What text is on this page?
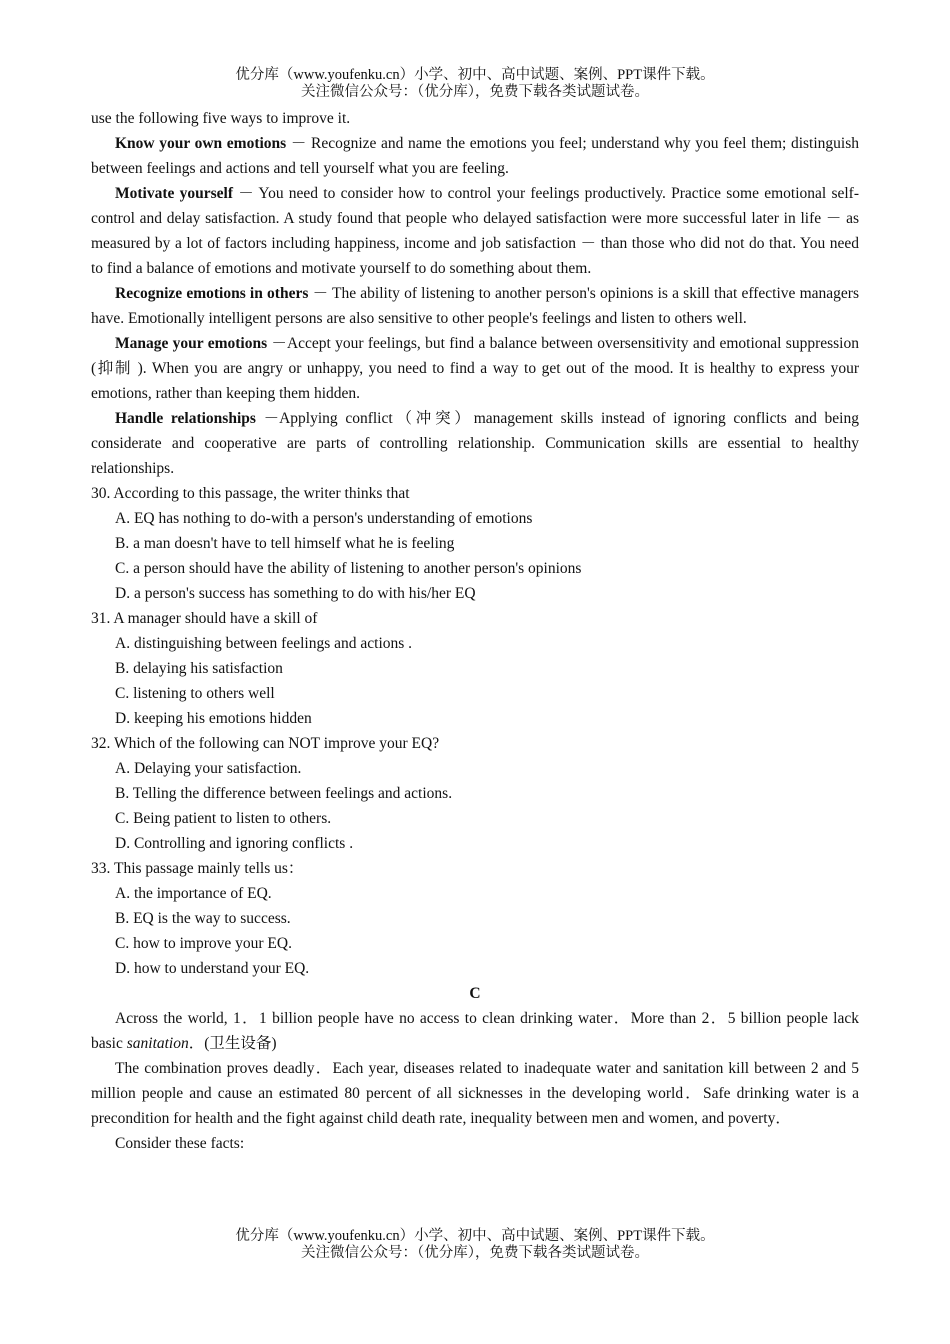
优分库（www.youfenku.cn）小学、初中、高中试题、案例、PPT课件下载。
关注微信公众号：（优分库），免费下载各类试题试卷。

use the following five ways to improve it.

Know your own emotions － Recognize and name the emotions you feel; understand why you feel them; distinguish between feelings and actions and tell yourself what you are feeling.

Motivate yourself － You need to consider how to control your feelings productively. Practice some emotional self-control and delay satisfaction. A study found that people who delayed satisfaction were more successful later in life － as measured by a lot of factors including happiness, income and job satisfaction － than those who did not do that. You need to find a balance of emotions and motivate yourself to do something about them.

Recognize emotions in others － The ability of listening to another person's opinions is a skill that effective managers have. Emotionally intelligent persons are also sensitive to other people's feelings and listen to others well.

Manage your emotions －Accept your feelings, but find a balance between oversensitivity and emotional suppression (抑制 ). When you are angry or unhappy, you need to find a way to get out of the mood. It is healthy to express your emotions, rather than keeping them hidden.

Handle relationships －Applying conflict（冲突）management skills instead of ignoring conflicts and being considerate and cooperative are parts of controlling relationship. Communication skills are essential to healthy relationships.

30. According to this passage, the writer thinks that

A. EQ has nothing to do-with a person's understanding of emotions

B. a man doesn't have to tell himself what he is feeling

C. a person should have the ability of listening to another person's opinions

D. a person's success has something to do with his/her EQ

31. A manager should have a skill of

A. distinguishing between feelings and actions .

B. delaying his satisfaction

C. listening to others well

D. keeping his emotions hidden

32. Which of the following can NOT improve your EQ?

A. Delaying your satisfaction.

B. Telling the difference between feelings and actions.

C. Being patient to listen to others.

D. Controlling and ignoring conflicts .

33. This passage mainly tells us：

A. the importance of EQ.

B. EQ is the way to success.

C. how to improve your EQ.

D. how to understand your EQ.

C

Across the world, 1．1 billion people have no access to clean drinking water．More than 2．5 billion people lack basic sanitation．(卫生设备)

The combination proves deadly．Each year, diseases related to inadequate water and sanitation kill between 2 and 5 million people and cause an estimated 80 percent of all sicknesses in the developing world．Safe drinking water is a precondition for health and the fight against child death rate, inequality between men and women, and poverty．

Consider these facts:

优分库（www.youfenku.cn）小学、初中、高中试题、案例、PPT课件下载。
关注微信公众号：（优分库），免费下载各类试题试卷。
